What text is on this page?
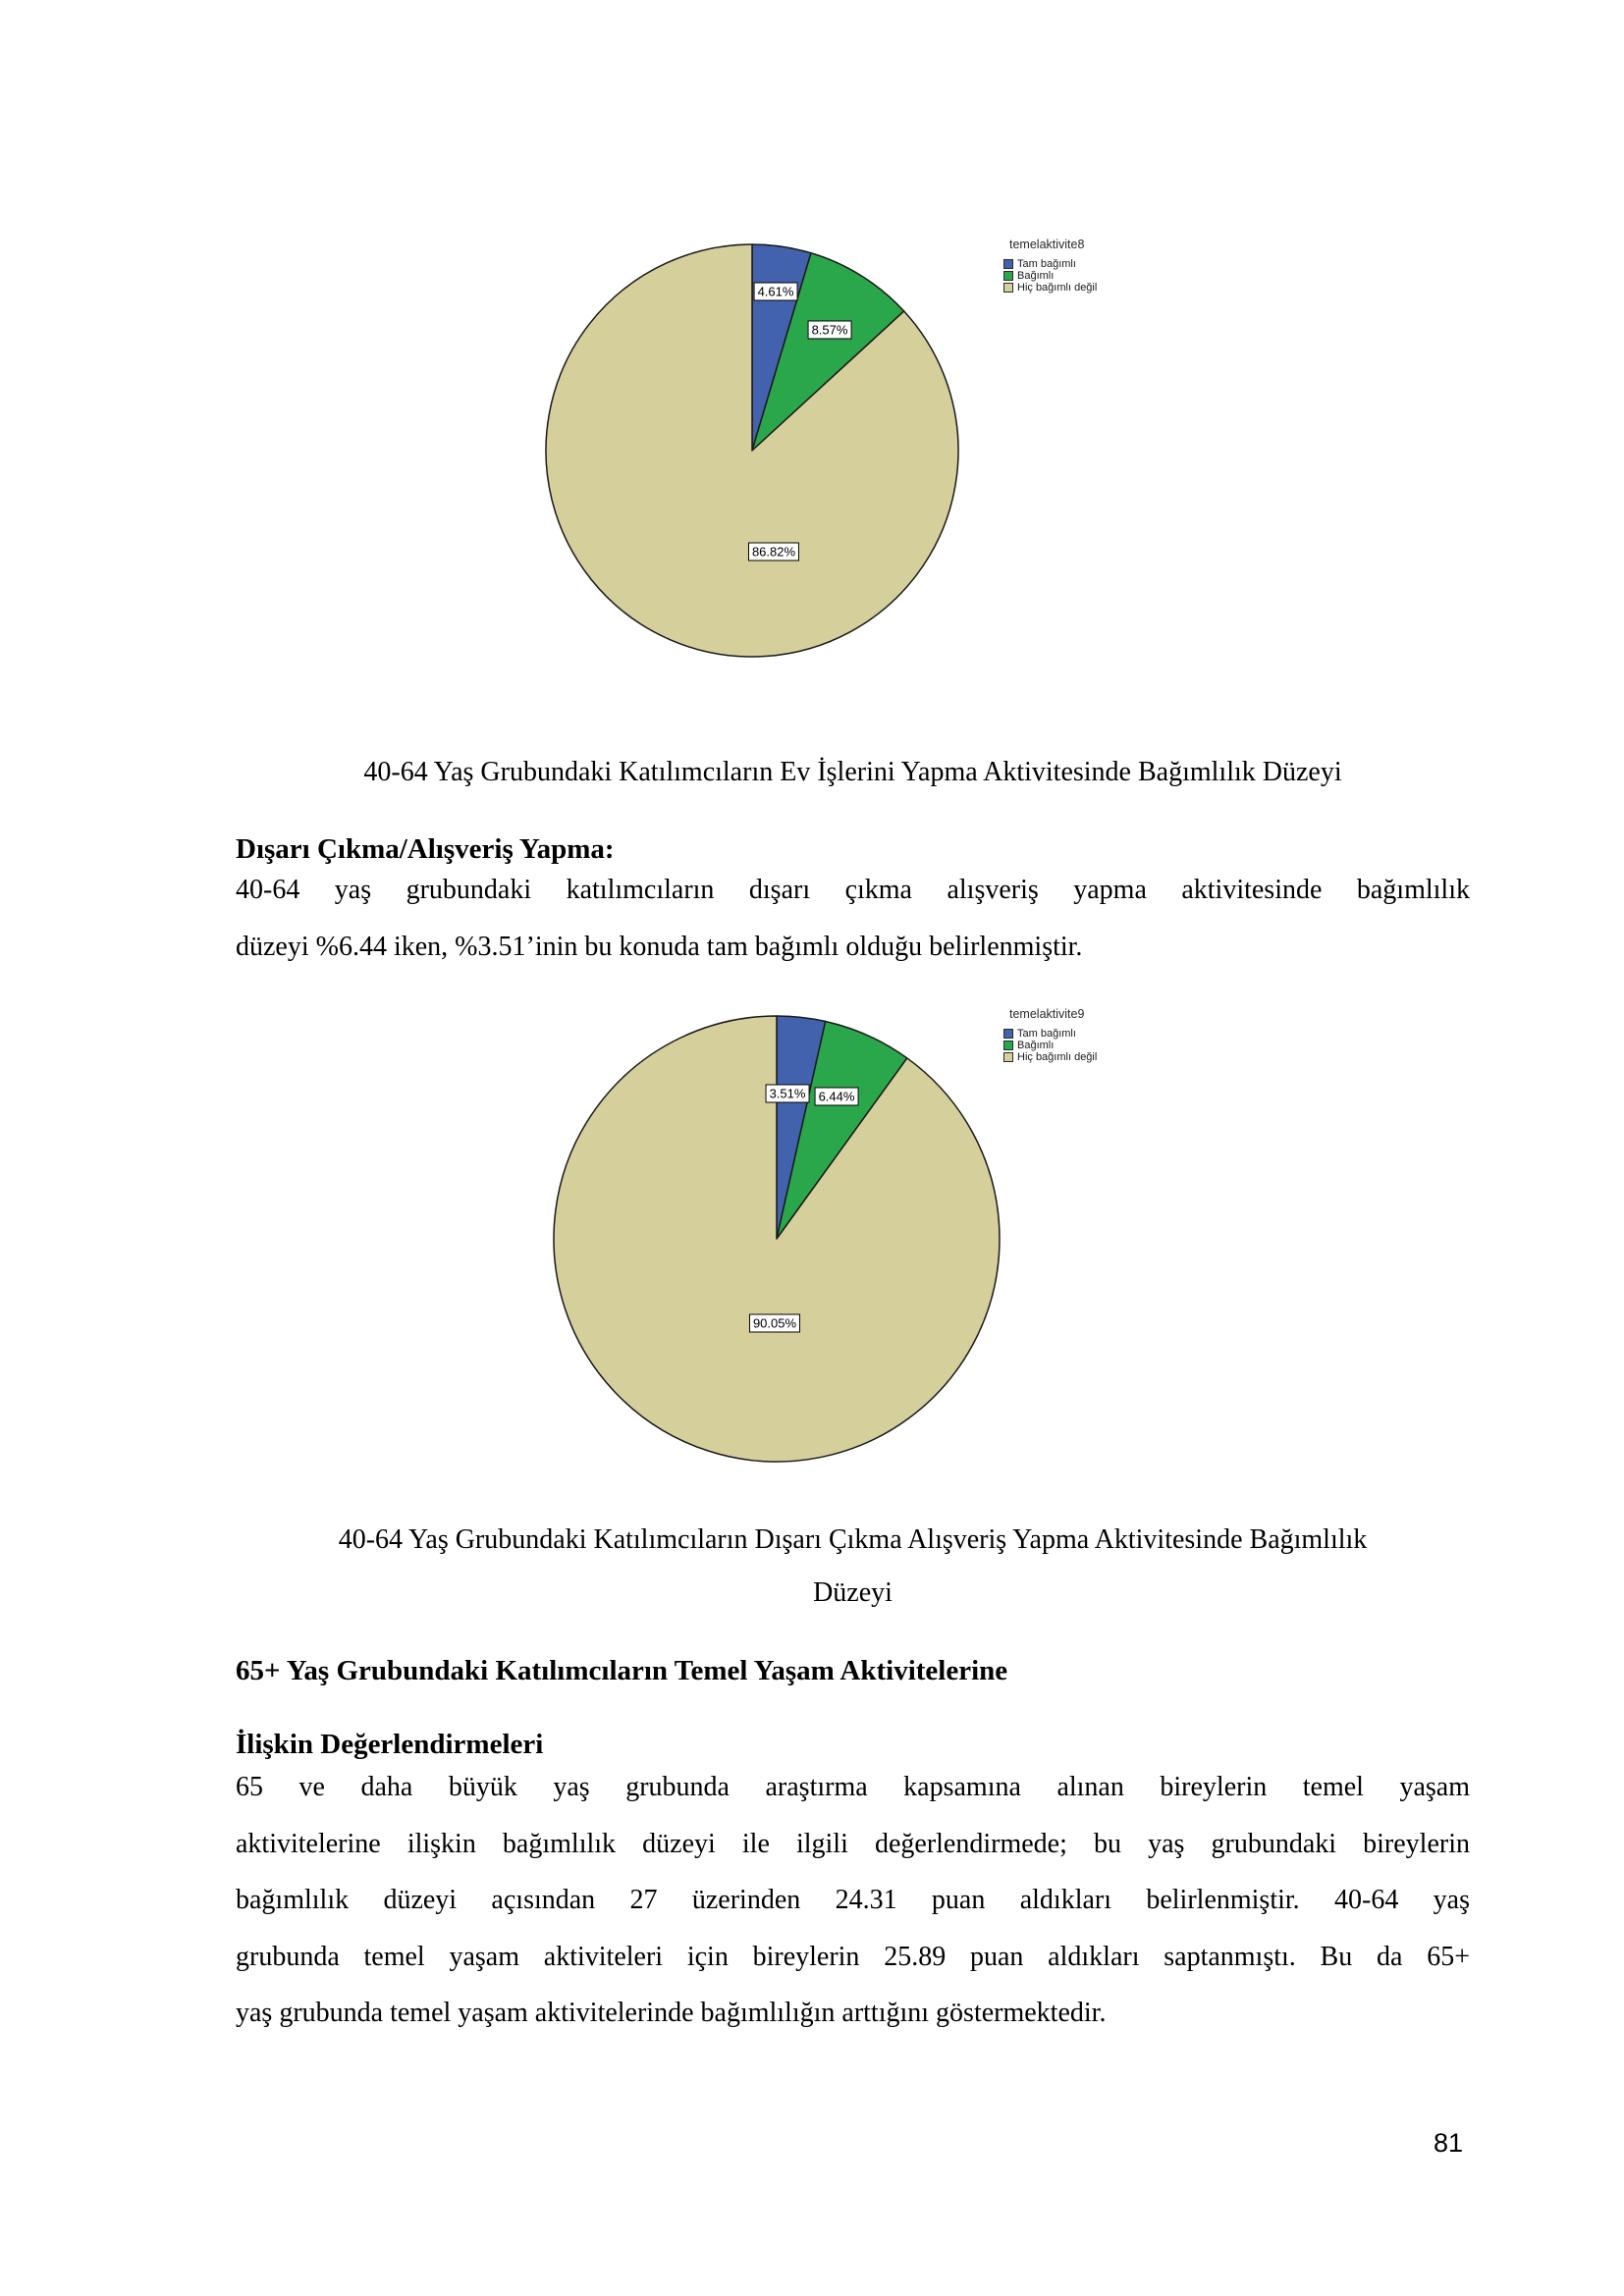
temelaktivite8
Tam bağımlı
Bağımlı
Hiç bağımlı değil
4.61%
8.57%
86.82%
40-64 Yaş Grubundaki Katılımcıların Ev İşlerini Yapma Aktivitesinde Bağımlılık Düzeyi
Dışarı Çıkma/Alışveriş Yapma:
40-64 yaş grubundaki katılımcıların dışarı çıkma alışveriş yapma aktivitesinde bağımlılık
düzeyi %6.44 iken, %3.51’inin bu konuda tam bağımlı olduğu belirlenmiştir.
temelaktivite9
Tam bağımlı
Bağımlı
Hiç bağımlı değil
3.51%	6.44%
90.05%
40-64 Yaş Grubundaki Katılımcıların Dışarı Çıkma Alışveriş Yapma Aktivitesinde Bağımlılık
Düzeyi
65+ Yaş Grubundaki Katılımcıların Temel Yaşam Aktivitelerine
İlişkin Değerlendirmeleri
65 ve daha büyük yaş grubunda araştırma kapsamına alınan bireylerin temel yaşam
aktivitelerine ilişkin bağımlılık düzeyi ile ilgili değerlendirmede; bu yaş grubundaki bireylerin
bağımlılık düzeyi açısından 27 üzerinden 24.31 puan aldıkları belirlenmiştir. 40-64 yaş
grubunda temel yaşam aktiviteleri için bireylerin 25.89 puan aldıkları saptanmıştı. Bu da 65+
yaş grubunda temel yaşam aktivitelerinde bağımlılığın arttığını göstermektedir.
81
